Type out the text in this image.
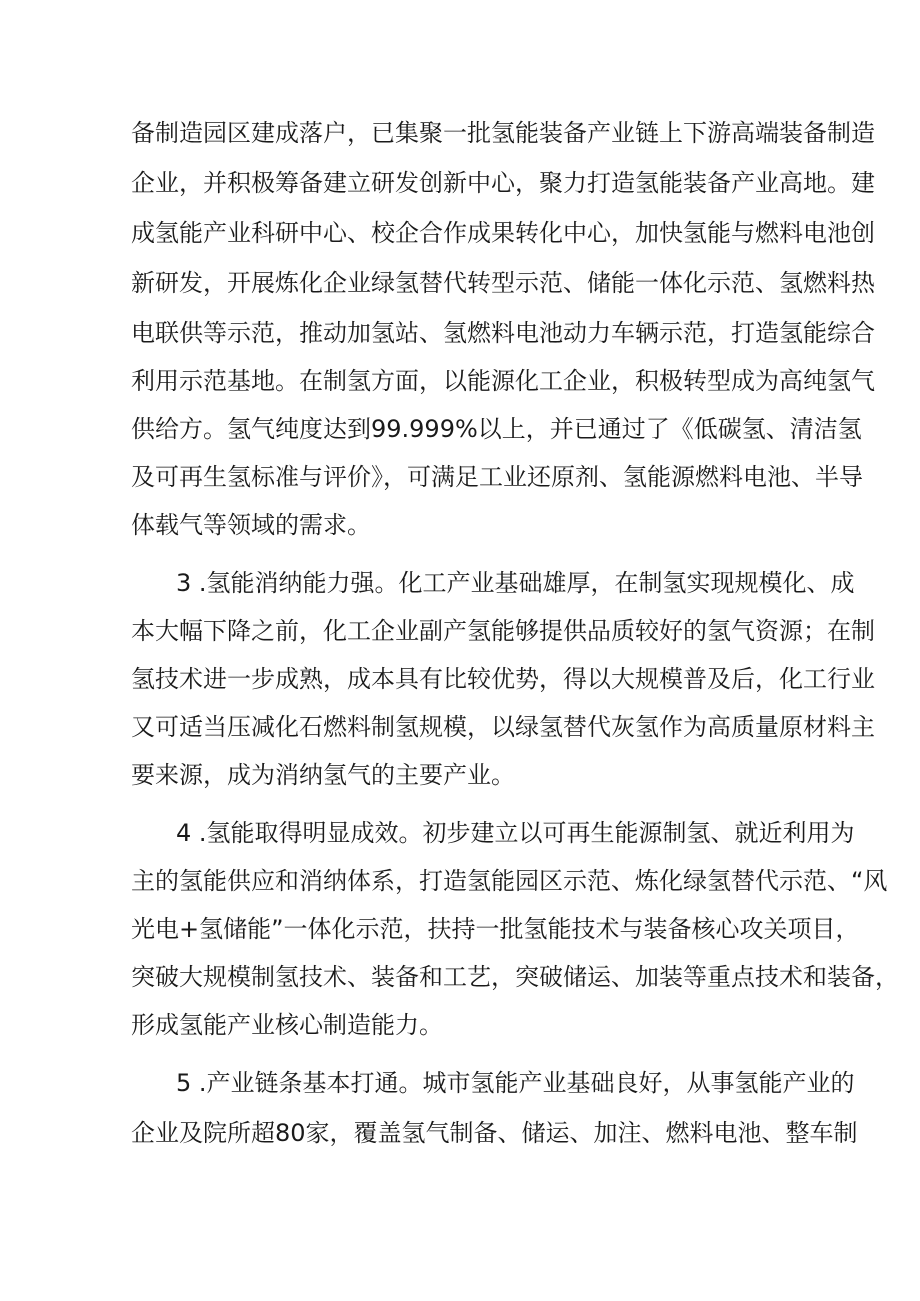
备制造园区建成落户，已集聚一批氢能装备产业链上下游高端装备制造
企业，并积极筹备建立研发创新中心，聚力打造氢能装备产业高地。建
成氢能产业科研中心、校企合作成果转化中心，加快氢能与燃料电池创
新研发，开展炼化企业绿氢替代转型示范、储能一体化示范、氢燃料热
电联供等示范，推动加氢站、氢燃料电池动力车辆示范，打造氢能综合
利用示范基地。在制氢方面，以能源化工企业，积极转型成为高纯氢气
供给方。氢气纯度达到99.999%以上，并已通过了《低碳氢、清洁氢
及可再生氢标准与评价》，可满足工业还原剂、氢能源燃料电池、半导
体载气等领域的需求。
3 .氢能消纳能力强。化工产业基础雄厚，在制氢实现规模化、成
本大幅下降之前，化工企业副产氢能够提供品质较好的氢气资源；在制
氢技术进一步成熟，成本具有比较优势，得以大规模普及后，化工行业
又可适当压减化石燃料制氢规模，以绿氢替代灰氢作为高质量原材料主
要来源，成为消纳氢气的主要产业。
4 .氢能取得明显成效。初步建立以可再生能源制氢、就近利用为
主的氢能供应和消纳体系，打造氢能园区示范、炼化绿氢替代示范、“风
光电+氢储能”一体化示范，扶持一批氢能技术与装备核心攻关项目，
突破大规模制氢技术、装备和工艺，突破储运、加装等重点技术和装备，
形成氢能产业核心制造能力。
5 .产业链条基本打通。城市氢能产业基础良好，从事氢能产业的
企业及院所超80家，覆盖氢气制备、储运、加注、燃料电池、整车制
